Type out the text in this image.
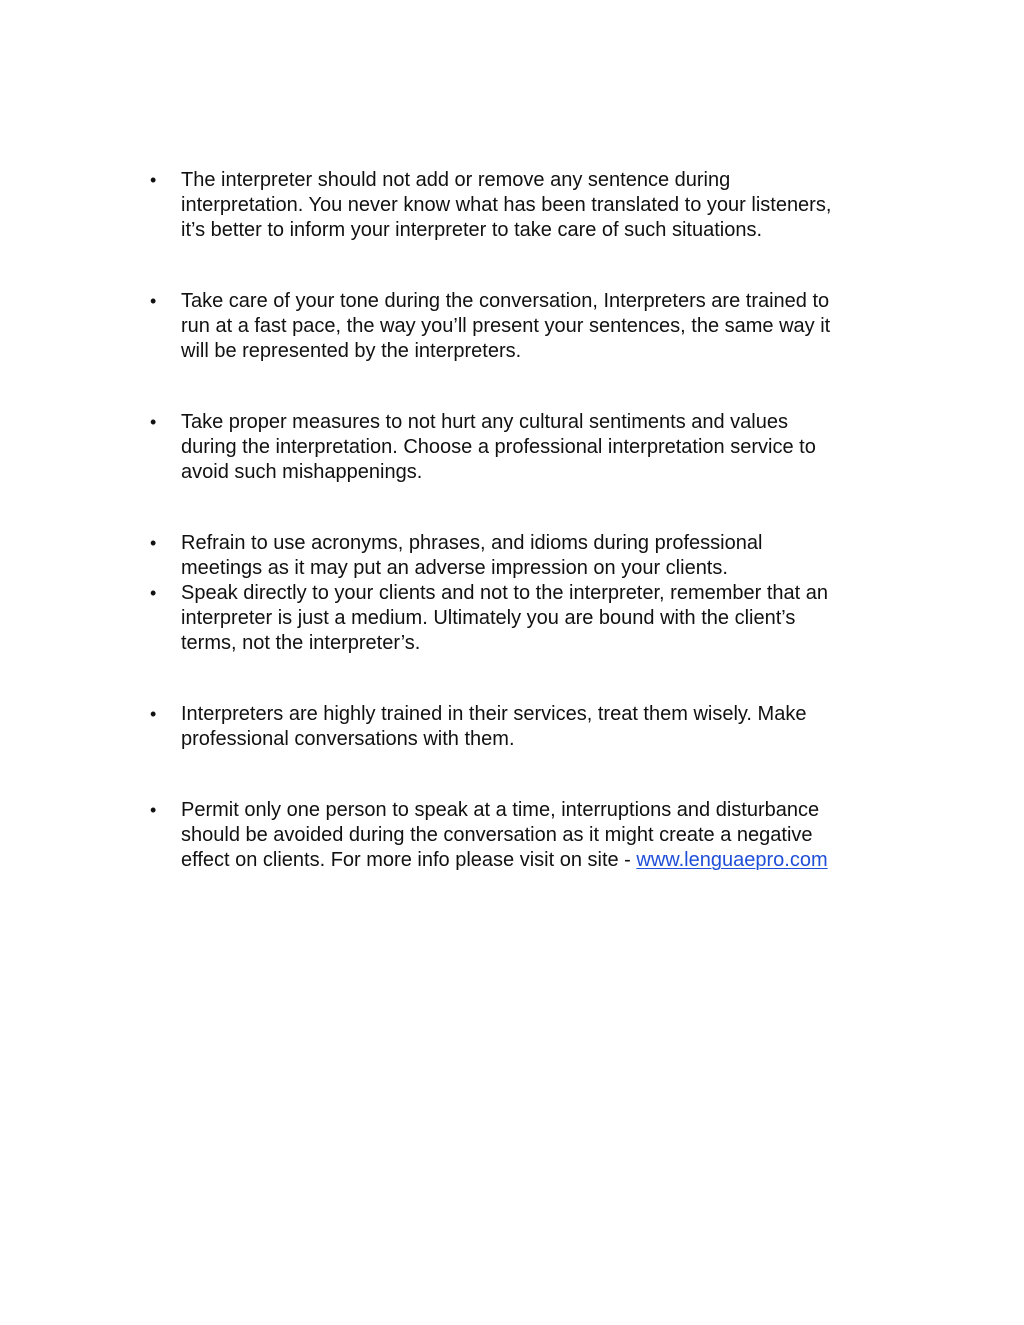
• The interpreter should not add or remove any sentence during
interpretation. You never know what has been translated to your listeners,
it’s better to inform your interpreter to take care of such situations.
• Take care of your tone during the conversation, Interpreters are trained to
run at a fast pace, the way you’ll present your sentences, the same way it
will be represented by the interpreters.
• Take proper measures to not hurt any cultural sentiments and values
during the interpretation. Choose a professional interpretation service to
avoid such mishappenings.
• Refrain to use acronyms, phrases, and idioms during professional
meetings as it may put an adverse impression on your clients.
• Speak directly to your clients and not to the interpreter, remember that an
interpreter is just a medium. Ultimately you are bound with the client’s
terms, not the interpreter’s.
• Interpreters are highly trained in their services, treat them wisely. Make
professional conversations with them.
• Permit only one person to speak at a time, interruptions and disturbance
should be avoided during the conversation as it might create a negative
effect on clients. For more info please visit on site - www.lenguaepro.com
